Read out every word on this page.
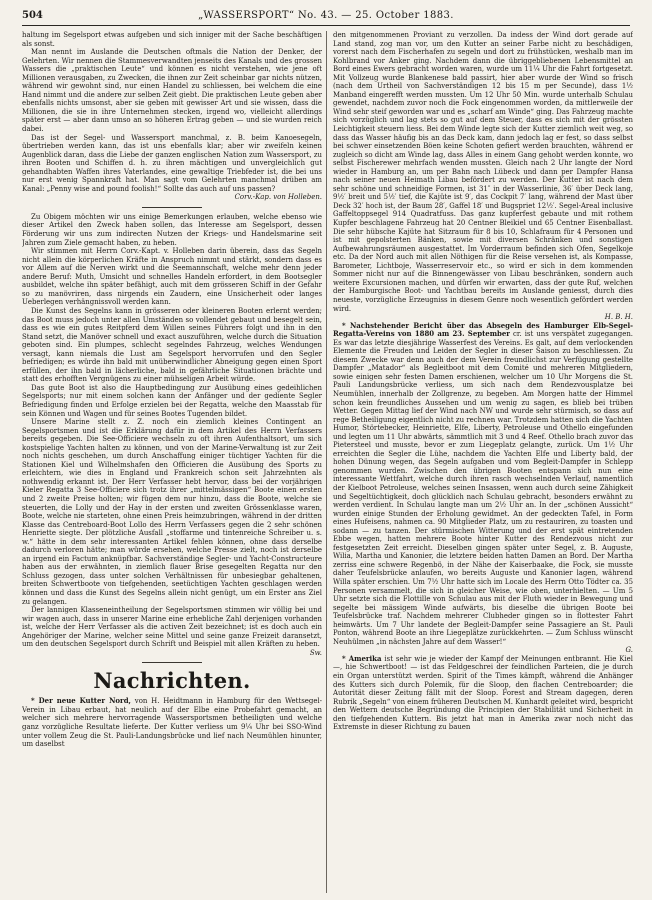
504	„WASSERSPORT“ No. 43. — 25. October 1883.

haltung im Segelsport etwas aufgeben und sich inniger mit der Sache beschäftigen als sonst.

Man nennt im Auslande die Deutschen oftmals die Nation der Denker, der Gelehrten. Wir nennen die Stammesverwandten jenseits des Kanals und des grossen Wassers die „praktischen Leute“ und können es nicht verstehen, wie jene oft Millionen verausgaben, zu Zwecken, die ihnen zur Zeit scheinbar gar nichts nützen, während wir gewohnt sind, nur einen Handel zu schliessen, bei welchem die eine Hand nimmt und die andere zur selben Zeit giebt. Die praktischen Leute geben aber ebenfalls nichts umsonst, aber sie geben mit gewisser Art und sie wissen, dass die Millionen, die sie in ihre Unternehmen stecken, irgend wo, vielleicht allerdings später erst — aber dann umso an so höheren Ertrag geben — und sie wurden reich dabei.

Das ist der Segel- und Wassersport manchmal, z. B. beim Kanoesegeln, übertrieben werden kann, das ist uns ebenfalls klar; aber wir zweifeln keinen Augenblick daran, dass die Liebe der ganzen englischen Nation zum Wassersport, zu ihren Booten und Schiffen d. h. zu ihren mächtigen und unvergleichlich gut gehandhabten Waffen ihres Vaterlandes, eine gewaltige Triebfeder ist, die bei uns nur erst wenig Spannkraft hat. Man sagt vom Gelehrten manchmal drüben am Kanal: „Penny wise and pound foolish!“ Sollte das auch auf uns passen?

Corv.-Kap. von Holleben.

Zu Obigem möchten wir uns einige Bemerkungen erlauben, welche ebenso wie dieser Artikel den Zweck haben sollen, das Interesse am Segelsport, dessen Förderung wir uns zum indirecten Nutzen der Kriegs- und Handelsmarine seit Jahren zum Ziele gemacht haben, zu heben.

Wir stimmen mit Herrn Corv.-Kapt. v. Holleben darin überein, dass das Segeln nicht allein die körperlichen Kräfte in Anspruch nimmt und stärkt, sondern dass es vor Allem auf die Nerven wirkt und die Seemannschaft, welche mehr denn jeder andere Beruf: Muth, Umsicht und schnelles Handeln erfordert, in dem Bootsegler ausbildet, welche ihn später befähigt, auch mit dem grösseren Schiff in der Gefahr so zu manövriren, dass nirgends ein Zaudern, eine Unsicherheit oder langes Ueberlegen verhängnissvoll werden kann.

Die Kunst des Segelns kann in grösseren oder kleineren Booten erlernt werden; das Boot muss jedoch unter allen Umständen so vollendet gebaut und besegelt sein, dass es wie ein gutes Reitpferd dem Willen seines Führers folgt und ihn in den Stand setzt, die Manöver schnell und exact auszuführen, welche durch die Situation geboten sind. Ein plumpes, schlecht segelndes Fahrzeug, welches Wendungen versagt, kann niemals die Lust am Segelsport hervorrufen und den Segler befriedigen; es würde ihn bald mit unüberwindlicher Abneigung gegen einen Sport erfüllen, der ihn bald in lächerliche, bald in gefährliche Situationen brächte und statt des erhofften Vergnügens zu einer mühseligen Arbeit würde.

Das gute Boot ist also die Hauptbedingung zur Ausübung eines gedeihlichen Segelsports; nur mit einem solchen kann der Anfänger und der gediente Segler Befriedigung finden und Erfolge erzielen bei der Regatta, welche den Maasstab für sein Können und Wagen und für seines Bootes Tugenden bildet.

Unsere Marine stellt z. Z. noch ein ziemlich kleines Contingent an Segelsportsmen und ist die Erklärung dafür in dem Artikel des Herrn Verfassers bereits gegeben. Die See-Officiere wechseln zu oft ihren Aufenthaltsort, um sich kostspielige Yachten halten zu können, und von der Marine-Verwaltung ist zur Zeit noch nichts geschehen, um durch Anschaffung einiger tüchtiger Yachten für die Stationen Kiel und Wilhelmshafen den Officieren die Ausübung des Sports zu erleichtern, wie dies in England und Frankreich schon seit Jahrzehnten als nothwendig erkannt ist. Der Herr Verfasser hebt hervor, dass bei der vorjährigen Kieler Regatta 3 See-Officiere sich trotz ihrer „mittelmässigen“ Boote einen ersten und 2 zweite Preise holten; wir fügen dem nur hinzu, dass die Boote, welche sie steuerten, die Lolly und der Hay in der ersten und zweiten Grössenklasse waren, Boote, welche nie starteten, ohne einen Preis heimzubringen, während in der dritten Klasse das Centreboard-Boot Lollo des Herrn Verfassers gegen die 2 sehr schönen Henriette siegte. Der plötzliche Ausfall „stoffarme und tintenreiche Schreiber u. s. w.“ hätte in dem sehr interessanten Artikel fehlen können, ohne dass derselbe dadurch verloren hätte; man würde ersehen, welche Presse zielt, noch ist derselbe an irgend ein Factum anknüpfbar. Sachverständige Segler- und Yacht-Constructeure haben aus der erwähnten, in ziemlich flauer Brise gesegelten Regatta nur den Schluss gezogen, dass unter solchen Verhältnissen für unbesiegbar gehaltenen, breiten Schwertboote von tiefgehenden, seetüchtigen Yachten geschlagen werden können und dass die Kunst des Segelns allein nicht genügt, um ein Erster ans Ziel zu gelangen.

Der lannigen Klasseneintheilung der Segelsportsmen stimmen wir völlig bei und wir wagen auch, dass in unserer Marine eine erhebliche Zahl derjenigen vorhanden ist, welche der Herr Verfasser als die activen Zeit bezeichnet; ist es doch auch ein Angehöriger der Marine, welcher seine Mittel und seine ganze Freizeit daransetzt, um den deutschen Segelsport durch Schrift und Beispiel mit allen Kräften zu heben.

Sw.

Nachrichten.

* Der neue Kutter Nord, von H. Heidtmann in Hamburg für den Wettsegel-Verein in Libau erbaut, hat neulich auf der Elbe eine Probefahrt gemacht, an welcher sich mehrere hervorragende Wassersportsmen betheiligten und welche ganz vorzügliche Resultate lieferte. Der Kutter verliess um 9¼ Uhr bei SSO-Wind unter vollem Zeug die St. Pauli-Landungsbrücke und lief nach Neumühlen hinunter, um daselbst

den mitgenommenen Proviant zu verzollen. Da indess der Wind dort gerade auf Land stand, zog man vor, um den Kutter an seiner Farbe nicht zu beschädigen, vorerst nach dem Fischerhafen zu segeln und dort zu frühstücken, weshalb man im Kohlbrand vor Anker ging. Nachdem dann die übriggebliebenen Lebensmittel an Bord eines Ewers gebracht worden waren, wurde um 11¼ Uhr die Fahrt fortgesetzt. Mit Vollzeug wurde Blankenese bald passirt, hier aber wurde der Wind so frisch (nach dem Urtheil von Sachverständigen 12 bis 15 m per Secunde), dass 1½ Manband eingerefft werden mussten. Um 12 Uhr 50 Min. wurde unterhalb Schulau gewendet, nachdem zuvor noch die Fock eingenommen worden, da mittlerweile der Wind sehr steif geworden war und es „scharf am Winde“ ging. Das Fahrzeug machte sich vorzüglich und lag stets so gut auf dem Steuer, dass es sich mit der grössten Leichtigkeit steuern liess. Bei dem Winde legte sich der Kutter ziemlich weit weg, so dass das Wasser häufig bis an das Deck kam, dann jedoch lag er fest, so dass selbst bei schwer einsetzenden Böen keine Schoten gefiert werden brauchten, während er zugleich so dicht am Winde lag, dass Alles in einem Gang gehobt werden konnte, wo selbst Fischerewer mehrfach wenden mussten. Gleich nach 2 Uhr langte der Nord wieder in Hamburg an, um per Bahn nach Lübeck und dann per Dampfer Hansa nach seiner neuen Heimath Libau befördert zu werden. Der Kutter ist nach dem sehr schöne und schneidige Formen, ist 31″ in der Wasserlinie, 36′ über Deck lang, 9½′ breit und 5½′ tief, die Kajüte ist 9′, das Cockpit 7′ lang, während der Mast über Deck 32′ hoch ist, der Baum 28′, Gaffel 18′ und Bugspriet 12½′. Segel-Areal inclusive Gaffeltoppsegel 914 Quadratfuss. Das ganz kupferfest gebaute und mit rothem Kupfer beschlagene Fahrzeug hat 20 Centner Bleikiel und 65 Centner Eisenballast. Die sehr hübsche Kajüte hat Sitzraum für 8 bis 10, Schlafraum für 4 Personen und ist mit gepolsterten Bänken, sowie mit diversen Schränken und sonstigen Aufbewahrungsräumen ausgestattet. Im Vorderraum befinden sich Ofen, Segelkoje etc. Da der Nord auch mit allen Nöthigen für die Reise versehen ist, als Kompasse, Barometer, Lichtboje, Wasserreservoir etc., so wird er sich in dem kommenden Sommer nicht nur auf die Binnengewässer von Libau beschränken, sondern auch weitere Excursionen machen, und dürfen wir erwarten, dass der gute Ruf, welchen der Hamburgische Boot- und Yachtbau bereits im Auslande geniesst, durch dies neueste, vorzügliche Erzeugniss in diesem Genre noch wesentlich gefördert werden wird.

H. B. H.

* Nachstehender Bericht über das Absegeln des Hamburger Elb-Segel-Regatta-Vereins von 1880 am 23. September cr. ist uns verspätet zugegangen. Es war das letzte diesjährige Wasserfest des Vereins. Es galt, auf dem verlockenden Elemente die Freuden und Leiden der Segler in dieser Saison zu beschliessen. Zu diesem Zwecke war denn auch der dem Verein freundlichst zur Verfügung gestellte Dampfer „Matador“ als Begleitboot mit dem Comité und mehreren Mitgliedern, sowie einigen sehr festen Damen erschienen, welcher um 10 Uhr Morgens die St. Pauli Landungsbrücke verliess, um sich nach dem Rendezvousplatze bei Neumühlen, innerhalb der Zollgrenze, zu begeben. Am Morgen hatte der Himmel schon kein freundliches Aussehen und um wenig zu sagen, es blieb bei trüben Wetter. Gegen Mittag lief der Wind nach NW und wurde sehr stürmisch, so dass auf rege Betheiligung eigentlich nicht zu rechnen war. Trotzdem hatten sich die Yachten Humor, Störtebecker, Heinriette, Elfe, Liberty, Petroleuse und Othello eingefunden und legten um 11 Uhr abwärts, sämmtlich mit 3 und 4 Reef. Othello brach zuvor das Pietersteel und musste, bevor er zum Liegeplatz gelangte, zurück. Um 1½ Uhr erreichten die Segler die Lühe, nachdem die Yachten Elfe und Liberty bald, der hohen Dünung wegen, das Segeln aufgaben und vom Begleit-Dampfer in Schlepp genommen wurden. Zwischen den übrigen Booten entspann sich nun eine interessante Wettfahrt, welche durch ihren rasch wechselnden Verlauf, namentlich der Kielboot Petroleuse, welches seinen Insassen, wenn auch durch seine Zähigkeit und Segeltüchtigkeit, doch glücklich nach Schulau gebracht, besonders erwähnt zu werden verdient. In Schulau langte man um 2½ Uhr an. In der „schönen Aussicht“ wurden einige Stunden der Erholung gewidmet. An der gedeckten Tafel, in Form eines Hufeisens, nahmen ca. 90 Mitglieder Platz, um zu restauriren, zu toasten und sodann — zu tanzen. Der stürmischen Witterung und der erst spät eintretenden Ebbe wegen, hatten mehrere Boote hinter Kutter des Rendezvous nicht zur festgesetzten Zeit erreicht. Dieselben gingen später unter Segel, z. B. Auguste, Wilia, Martha und Kanonier, die letztere beiden hatten Damen an Bord. Der Martha zerriss eine schwere Regenbö, in der Nähe der Kaiserbaake, die Fock, sie musste daher Teufelsbrücke anlaufen, wo bereits Auguste und Kanonier lagen, während Willa später erschien. Um 7½ Uhr hatte sich im Locale des Herrn Otto Tödter ca. 35 Personen versammelt, die sich in gleicher Weise, wie oben, unterhielten. — Um 5 Uhr setzte sich die Flottille von Schulau aus mit der Fluth wieder in Bewegung und segelte bei mässigem Winde aufwärts, bis dieselbe die übrigen Boote bei Teufelsbrücke traf. Nachdem mehrerer Clubheder gingen so in flottester Fahrt heimwärts. Um 7 Uhr landete der Begleit-Dampfer seine Passagiere an St. Pauli Ponton, während Boote an ihre Liegeplätze zurückkehrten. — Zum Schluss wünscht Neuhülmen „in nächsten Jahre auf dem Wasser!“

G.

* Amerika ist sehr wie je wieder der Kampf der Meinungen entbrannt. Hie Kiel —, hie Schwertboot! — ist das Feldgeschrei der feindlichen Parteien, die je durch ein Organ unterstützt werden. Spirit of the Times kämpft, während die Anhänger des Kutters sich durch Polemik, für die Sloop, den flachen Centreboarder; die Autorität dieser Zeitung fällt mit der Sloop. Forest and Stream dagegen, deren Rubrik „Segeln“ von einem früheren Deutschen M. Kunhardt geleitet wird, bespricht den Wettern deutsche Begründung die Principien der Stabilität und Sicherheit in den tiefgehenden Kuttern. Bis jetzt hat man in Amerika zwar noch nicht das Extremste in dieser Richtung zu bauen
